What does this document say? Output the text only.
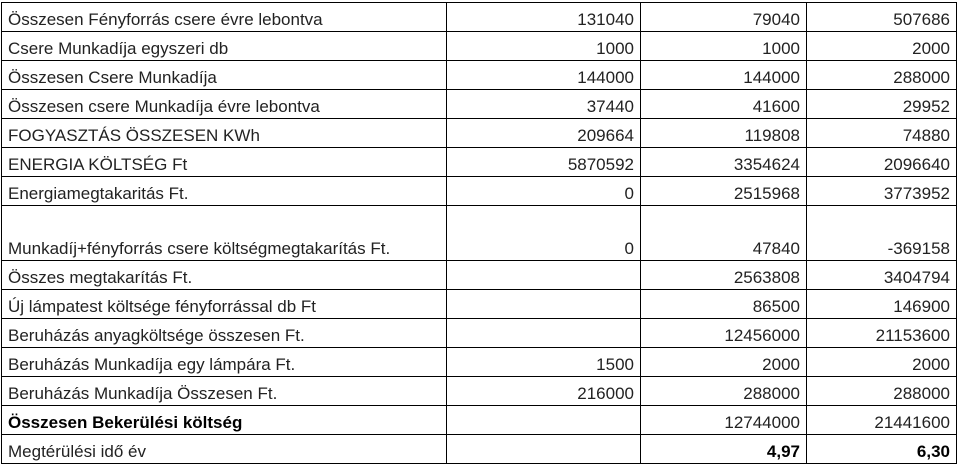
Összesen Fényforrás csere évre lebontva	131040	79040	507686
Csere Munkadíja egyszeri db	1000	1000	2000
Összesen Csere Munkadíja	144000	144000	288000
Összesen csere Munkadíja évre lebontva	37440	41600	29952
FOGYASZTÁS ÖSSZESEN KWh	209664	119808	74880
ENERGIA KÖLTSÉG Ft	5870592	3354624	2096640
Energiamegtakaritás Ft.	0	2515968	3773952
Munkadíj+fényforrás csere költségmegtakarítás Ft.	0	47840	-369158
Összes megtakarítás Ft.		2563808	3404794
Új lámpatest költsége fényforrással db Ft		86500	146900
Beruházás anyagköltsége összesen Ft.		12456000	21153600
Beruházás Munkadíja egy lámpára Ft.	1500	2000	2000
Beruházás Munkadíja Összesen Ft.	216000	288000	288000
Összesen Bekerülési költség		12744000	21441600
Megtérülési idő év		4,97	6,30
